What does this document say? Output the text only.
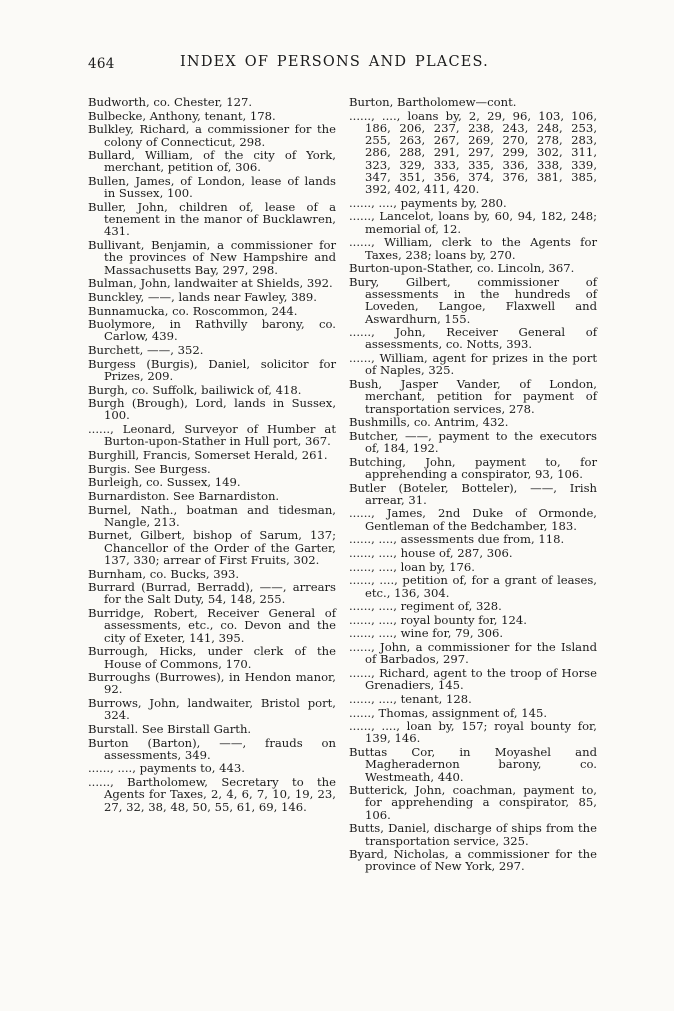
464	INDEX OF PERSONS AND PLACES.
Budworth, co. Chester, 127.
Bulbecke, Anthony, tenant, 178.
Bulkley, Richard, a commissioner for the colony of Connecticut, 298.
Bullard, William, of the city of York, merchant, petition of, 306.
Bullen, James, of London, lease of lands in Sussex, 100.
Buller, John, children of, lease of a tenement in the manor of Bucklawren, 431.
Bullivant, Benjamin, a commissioner for the provinces of New Hampshire and Massachusetts Bay, 297, 298.
Bulman, John, landwaiter at Shields, 392.
Bunckley, ——, lands near Fawley, 389.
Bunnamucka, co. Roscommon, 244.
Buolymore, in Rathvilly barony, co. Carlow, 439.
Burchett, ——, 352.
Burgess (Burgis), Daniel, solicitor for Prizes, 209.
Burgh, co. Suffolk, bailiwick of, 418.
Burgh (Brough), Lord, lands in Sussex, 100.
......, Leonard, Surveyor of Humber at Burton-upon-Stather in Hull port, 367.
Burghill, Francis, Somerset Herald, 261.
Burgis. See Burgess.
Burleigh, co. Sussex, 149.
Burnardiston. See Barnardiston.
Burnel, Nath., boatman and tidesman, Nangle, 213.
Burnet, Gilbert, bishop of Sarum, 137; Chancellor of the Order of the Garter, 137, 330; arrear of First Fruits, 302.
Burnham, co. Bucks, 393.
Burrard (Burrad, Berradd), ——, arrears for the Salt Duty, 54, 148, 255.
Burridge, Robert, Receiver General of assessments, etc., co. Devon and the city of Exeter, 141, 395.
Burrough, Hicks, under clerk of the House of Commons, 170.
Burroughs (Burrowes), in Hendon manor, 92.
Burrows, John, landwaiter, Bristol port, 324.
Burstall. See Birstall Garth.
Burton (Barton), ——, frauds on assessments, 349.
......, ...., payments to, 443.
......, Bartholomew, Secretary to the Agents for Taxes, 2, 4, 6, 7, 10, 19, 23, 27, 32, 38, 48, 50, 55, 61, 69, 146.
Burton, Bartholomew—cont.
......, ...., loans by, 2, 29, 96, 103, 106, 186, 206, 237, 238, 243, 248, 253, 255, 263, 267, 269, 270, 278, 283, 286, 288, 291, 297, 299, 302, 311, 323, 329, 333, 335, 336, 338, 339, 347, 351, 356, 374, 376, 381, 385, 392, 402, 411, 420.
......, ...., payments by, 280.
......, Lancelot, loans by, 60, 94, 182, 248; memorial of, 12.
......, William, clerk to the Agents for Taxes, 238; loans by, 270.
Burton-upon-Stather, co. Lincoln, 367.
Bury, Gilbert, commissioner of assessments in the hundreds of Loveden, Langoe, Flaxwell and Aswardhurn, 155.
......, John, Receiver General of assessments, co. Notts, 393.
......, William, agent for prizes in the port of Naples, 325.
Bush, Jasper Vander, of London, merchant, petition for payment of transportation services, 278.
Bushmills, co. Antrim, 432.
Butcher, ——, payment to the executors of, 184, 192.
Butching, John, payment to, for apprehending a conspirator, 93, 106.
Butler (Boteler, Botteler), ——, Irish arrear, 31.
......, James, 2nd Duke of Ormonde, Gentleman of the Bedchamber, 183.
......, ...., assessments due from, 118.
......, ...., house of, 287, 306.
......, ...., loan by, 176.
......, ...., petition of, for a grant of leases, etc., 136, 304.
......, ...., regiment of, 328.
......, ...., royal bounty for, 124.
......, ...., wine for, 79, 306.
......, John, a commissioner for the Island of Barbados, 297.
......, Richard, agent to the troop of Horse Grenadiers, 145.
......, ...., tenant, 128.
......, Thomas, assignment of, 145.
......, ...., loan by, 157; royal bounty for, 139, 146.
Buttas Cor, in Moyashel and Magheradernon barony, co. Westmeath, 440.
Butterick, John, coachman, payment to, for apprehending a conspirator, 85, 106.
Butts, Daniel, discharge of ships from the transportation service, 325.
Byard, Nicholas, a commissioner for the province of New York, 297.
